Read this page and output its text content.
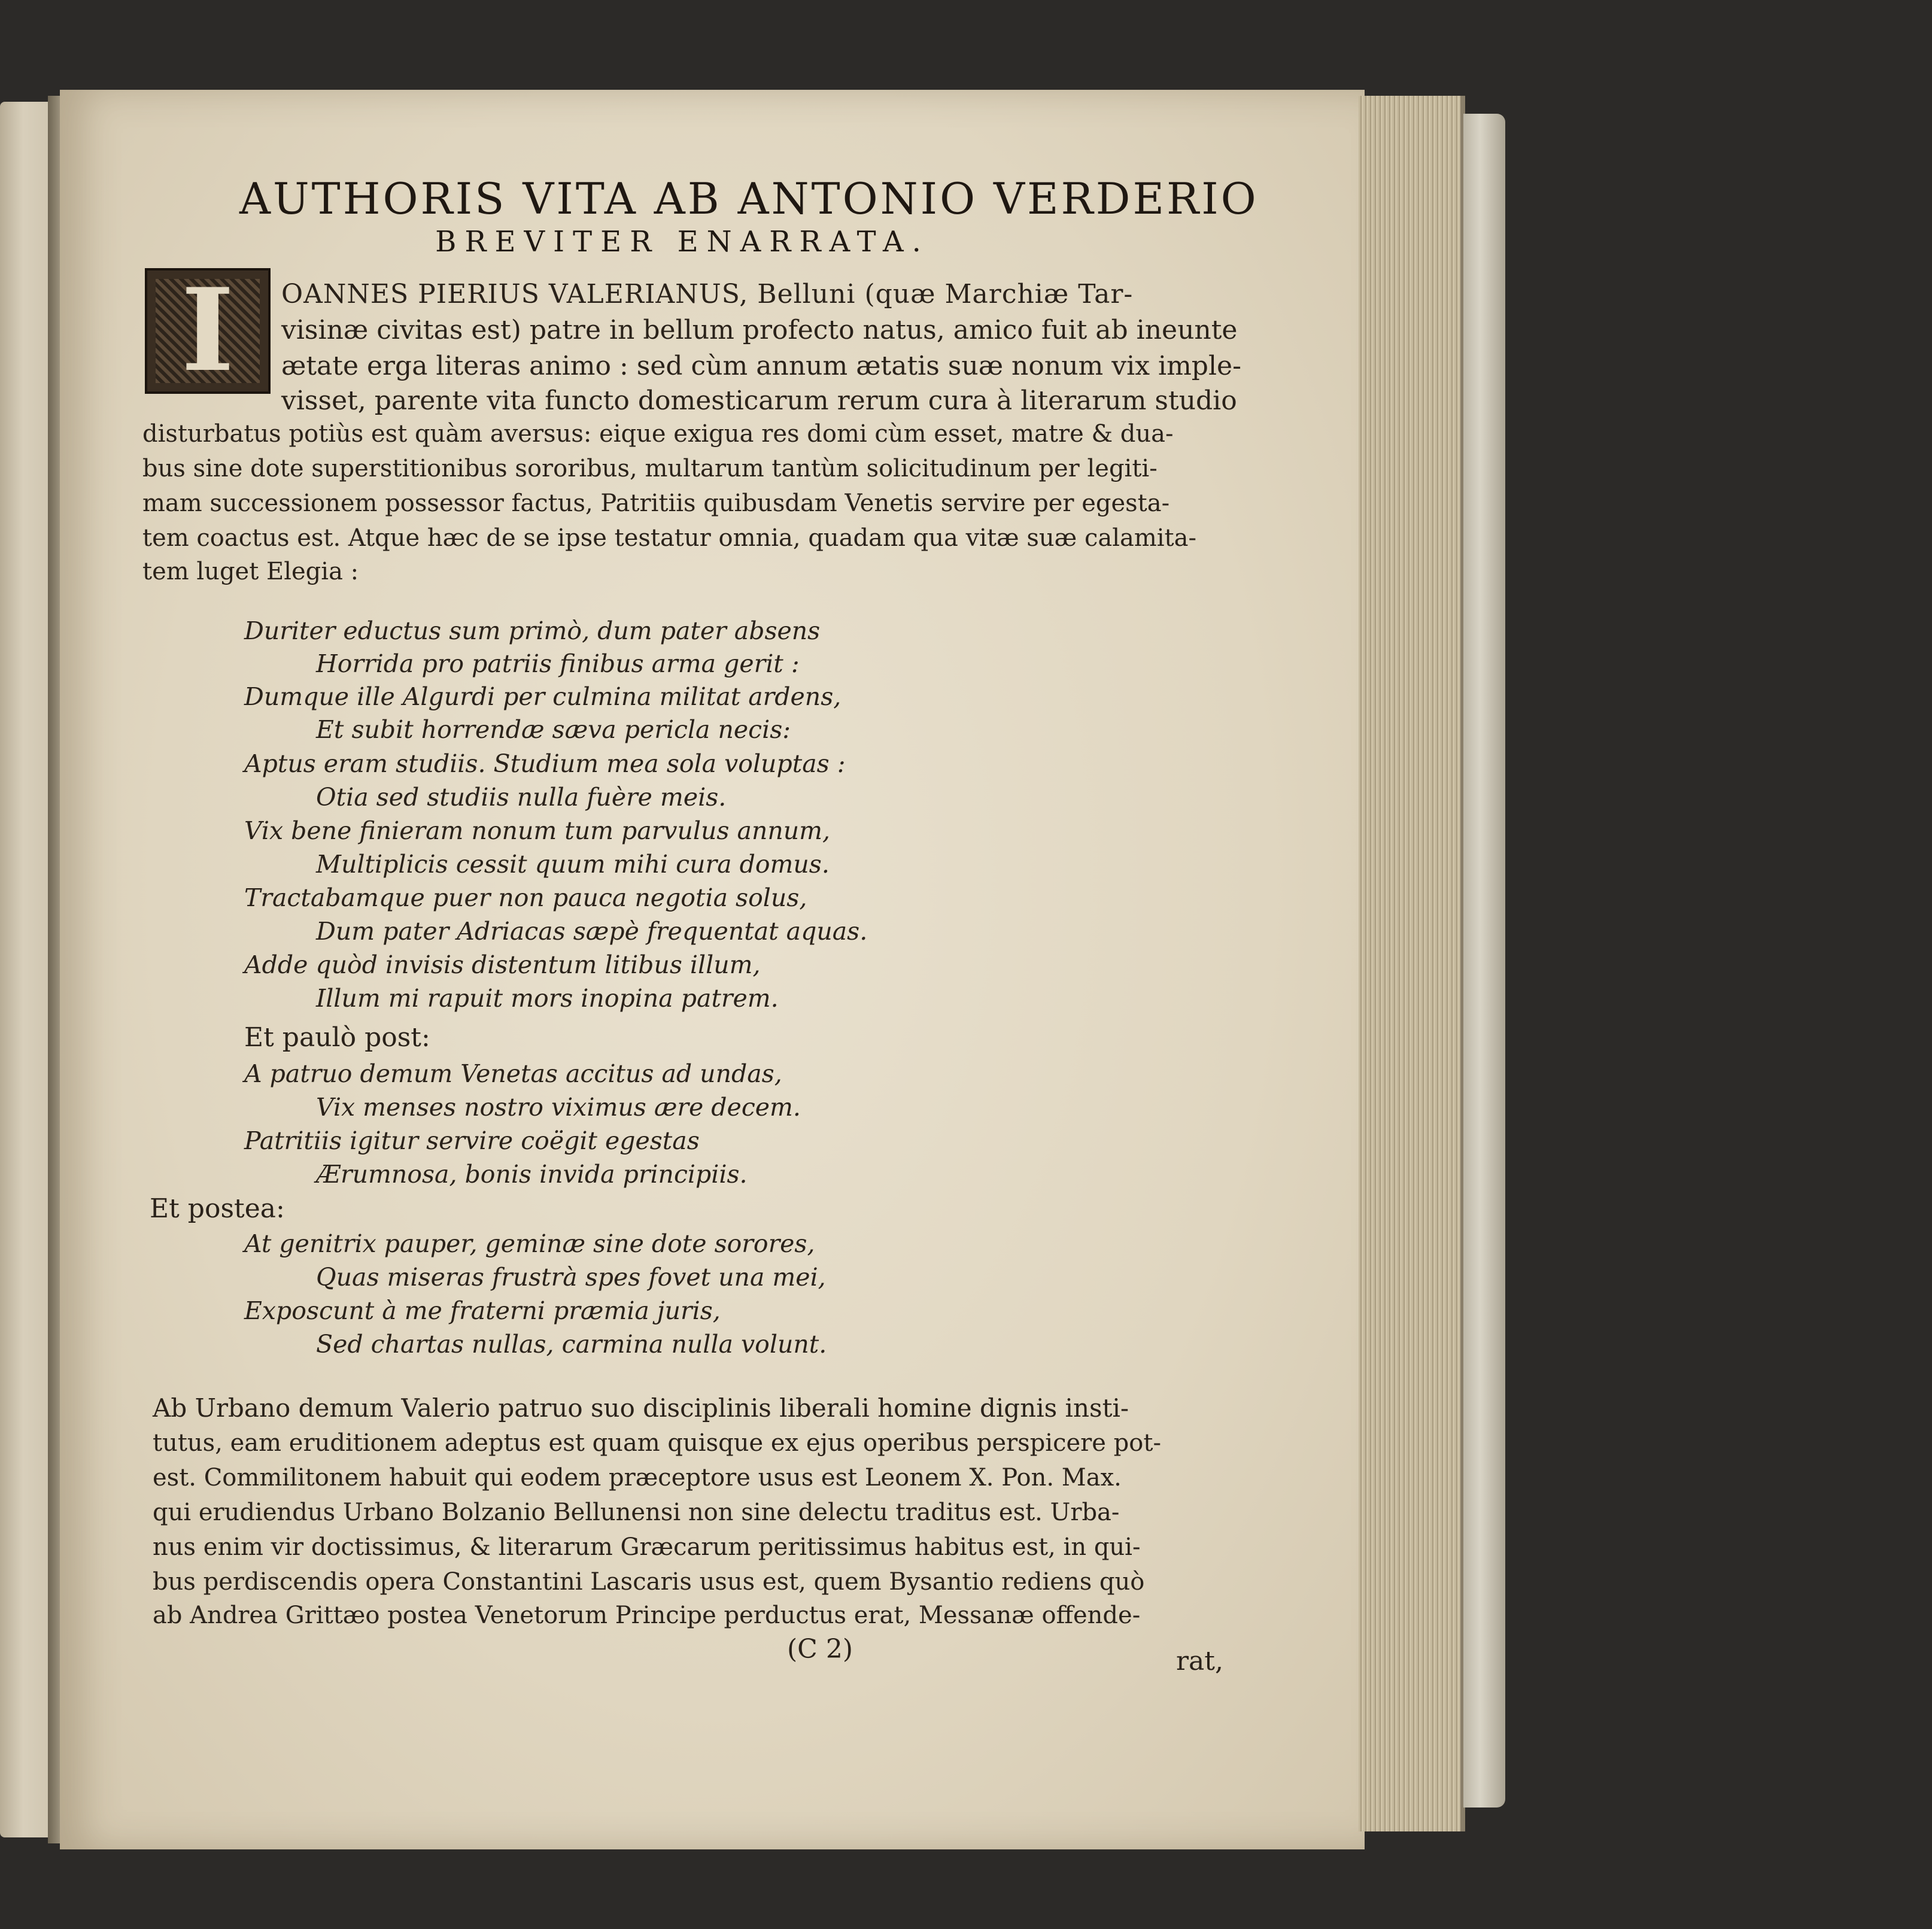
AUTHORIS VITA AB ANTONIO VERDERIO
BREVITER ENARRATA.
I	OANNES PIERIUS VALERIANUS, Belluni (quæ Marchiæ Tar-
visinæ civitas est) patre in bellum profecto natus, amico fuit ab ineunte
ætate erga literas animo : sed cùm annum ætatis suæ nonum vix imple-
visset, parente vita functo domesticarum rerum cura à literarum studio
disturbatus potiùs est quàm aversus: eique exigua res domi cùm esset, matre & dua-
bus sine dote superstitionibus sororibus, multarum tantùm solicitudinum per legiti-
mam successionem possessor factus, Patritiis quibusdam Venetis servire per egesta-
tem coactus est. Atque hæc de se ipse testatur omnia, quadam qua vitæ suæ calamita-
tem luget Elegia :
Duriter eductus sum primò, dum pater absens
Horrida pro patriis finibus arma gerit :
Dumque ille Algurdi per culmina militat ardens,
Et subit horrendæ sæva pericla necis:
Aptus eram studiis. Studium mea sola voluptas :
Otia sed studiis nulla fuère meis.
Vix bene finieram nonum tum parvulus annum,
Multiplicis cessit quum mihi cura domus.
Tractabamque puer non pauca negotia solus,
Dum pater Adriacas sæpè frequentat aquas.
Adde quòd invisis distentum litibus illum,
Illum mi rapuit mors inopina patrem.
Et paulò post:
A patruo demum Venetas accitus ad undas,
Vix menses nostro viximus ære decem.
Patritiis igitur servire coëgit egestas
Ærumnosa, bonis invida principiis.
Et postea:
At genitrix pauper, geminæ sine dote sorores,
Quas miseras frustrà spes fovet una mei,
Exposcunt à me fraterni præmia juris,
Sed chartas nullas, carmina nulla volunt.
Ab Urbano demum Valerio patruo suo disciplinis liberali homine dignis insti-
tutus, eam eruditionem adeptus est quam quisque ex ejus operibus perspicere pot-
est. Commilitonem habuit qui eodem præceptore usus est Leonem X. Pon. Max.
qui erudiendus Urbano Bolzanio Bellunensi non sine delectu traditus est. Urba-
nus enim vir doctissimus, & literarum Græcarum peritissimus habitus est, in qui-
bus perdiscendis opera Constantini Lascaris usus est, quem Bysantio rediens quò
ab Andrea Grittæo postea Venetorum Principe perductus erat, Messanæ offende-
(C 2)	rat,
